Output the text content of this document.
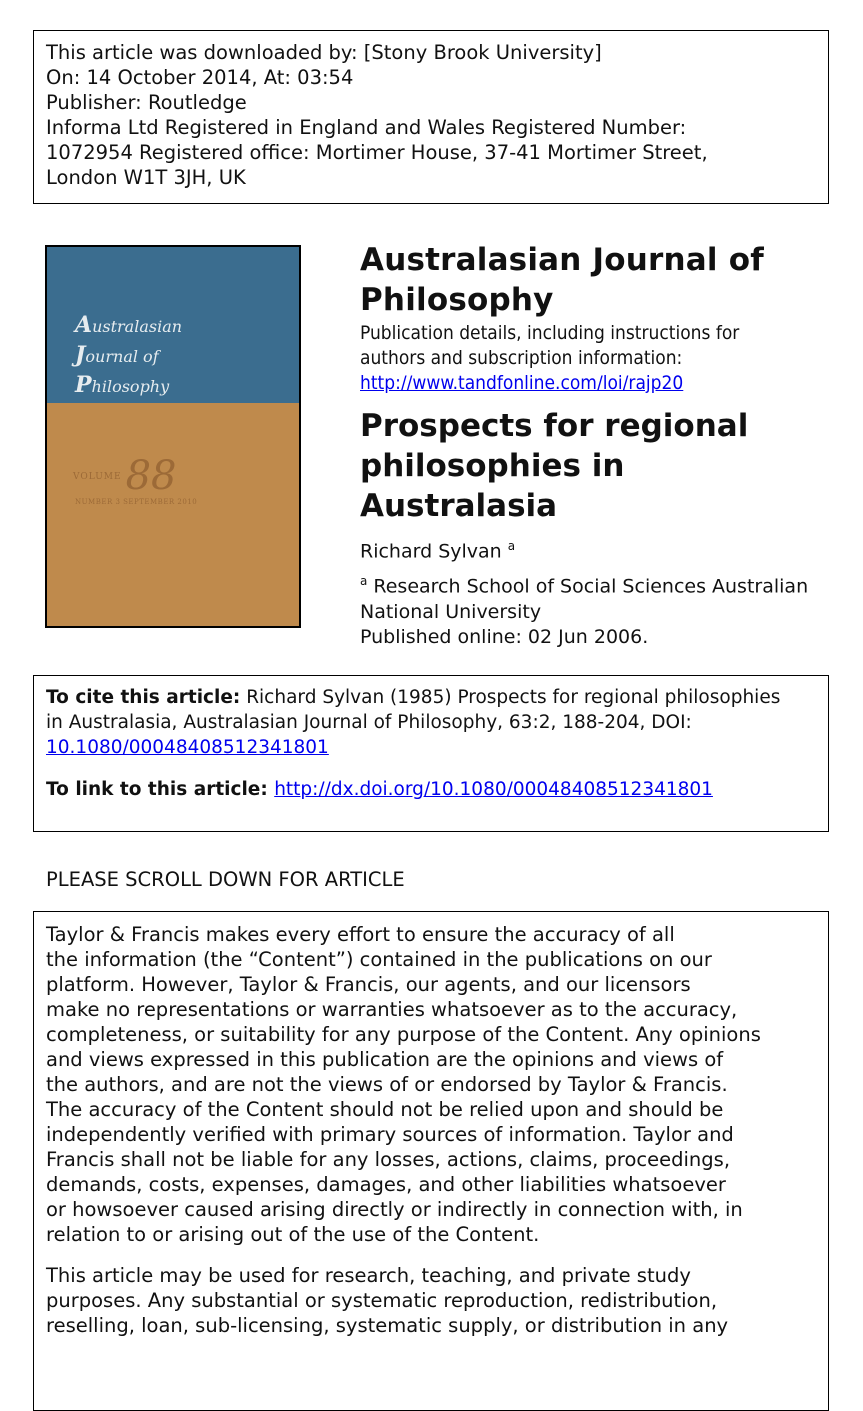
This article was downloaded by: [Stony Brook University]
On: 14 October 2014, At: 03:54
Publisher: Routledge
Informa Ltd Registered in England and Wales Registered Number:
1072954 Registered office: Mortimer House, 37-41 Mortimer Street,
London W1T 3JH, UK
Australasian
Journal of
Philosophy
$^{VOLUME}$ 88
NUMBER 3 SEPTEMBER 2010
Australasian Journal of
Philosophy
Publication details, including instructions for
authors and subscription information:
http://www.tandfonline.com/loi/rajp20
Prospects for regional
philosophies in Australasia
Richard Sylvan $^a$
$^a$ Research School of Social Sciences Australian
National University
Published online: 02 Jun 2006.
To cite this article: Richard Sylvan (1985) Prospects for regional philosophies
in Australasia, Australasian Journal of Philosophy, 63:2, 188-204, DOI:
10.1080/00048408512341801
To link to this article: http://dx.doi.org/10.1080/00048408512341801
PLEASE SCROLL DOWN FOR ARTICLE

Taylor & Francis makes every effort to ensure the accuracy of all
the information (the “Content”) contained in the publications on our
platform. However, Taylor & Francis, our agents, and our licensors
make no representations or warranties whatsoever as to the accuracy,
completeness, or suitability for any purpose of the Content. Any opinions
and views expressed in this publication are the opinions and views of
the authors, and are not the views of or endorsed by Taylor & Francis.
The accuracy of the Content should not be relied upon and should be
independently verified with primary sources of information. Taylor and
Francis shall not be liable for any losses, actions, claims, proceedings,
demands, costs, expenses, damages, and other liabilities whatsoever
or howsoever caused arising directly or indirectly in connection with, in
relation to or arising out of the use of the Content.

This article may be used for research, teaching, and private study
purposes. Any substantial or systematic reproduction, redistribution,
reselling, loan, sub-licensing, systematic supply, or distribution in any
